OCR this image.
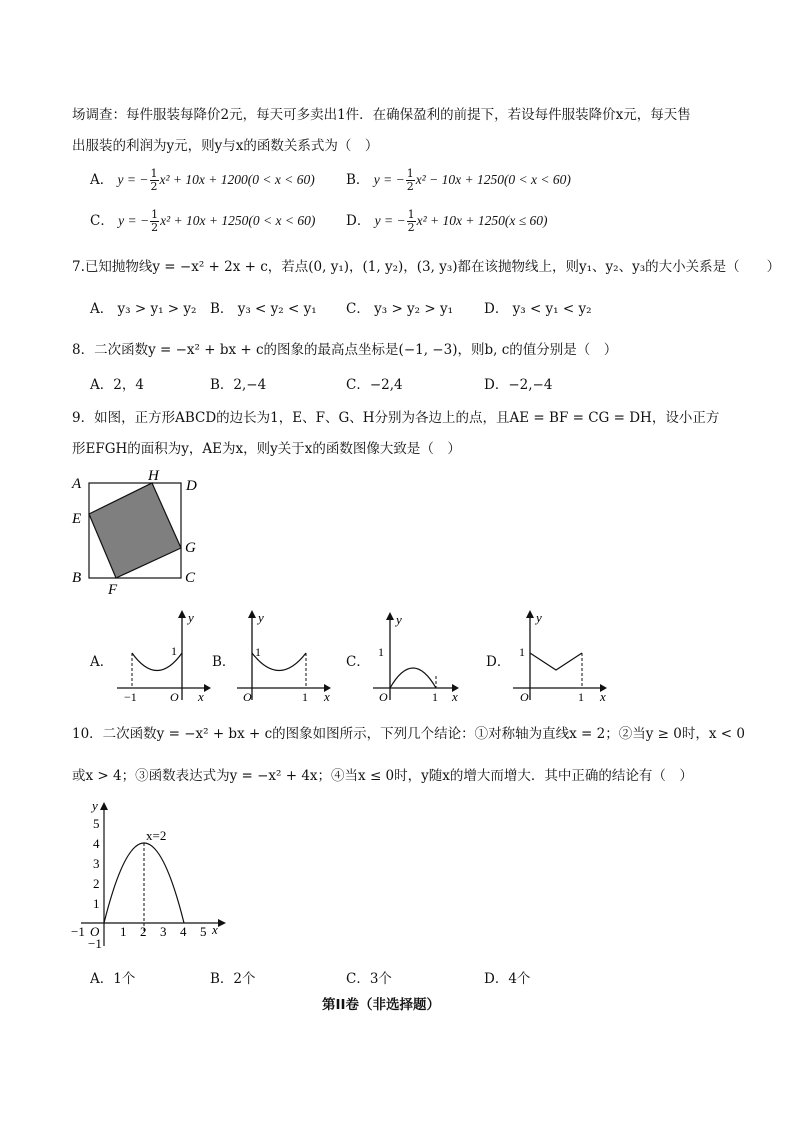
场调查：每件服装每降价2元，每天可多卖出1件．在确保盈利的前提下，若设每件服装降价x元，每天售
出服装的利润为y元，则y与x的函数关系式为（　）
A． y = − $\frac{1}{2} x^2 + 10x + 1200(0 < x < 60)$ B． y = − $\frac{1}{2} x^2 - 10x + 1250(0 < x < 60)$
C． y = − $\frac{1}{2} x^2 + 10x + 1250(0 < x < 60)$ D． y = − $\frac{1}{2} x^2 + 10x + 1250(x \le 60)$
7.已知抛物线y = −x² + 2x + c，若点(0, y₁)，(1, y₂)，(3, y₃)都在该抛物线上，则y₁、y₂、y₃的大小关系是（　　）
A． y₃ > y₁ > y₂ B． y₃ < y₂ < y₁ C． y₃ > y₂ > y₁ D． y₃ < y₁ < y₂
8．二次函数y = −x² + bx + c的图象的最高点坐标是(−1, −3)，则b, c的值分别是（　）
A．2，4	B．2,−4	C．−2,4	D．−2,−4
9．如图，正方形ABCD的边长为1，E、F、G、H分别为各边上的点，且AE = BF = CG = DH，设小正方
形EFGH的面积为y，AE为x，则y关于x的函数图像大致是（　）
A	H
D
E
G
B	C
F
A．
y
1
−1	O x
B．
y
1
O	1 x
C．
y
1
O	1 x
D．
y
1
O	1 x
10．二次函数y = −x² + bx + c的图象如图所示，下列几个结论：①对称轴为直线x = 2；②当y ≥ 0时，x < 0
或x > 4；③函数表达式为y = −x² + 4x；④当x ≤ 0时，y随x的增大而增大．其中正确的结论有（　）
y
x=2
5
4
3
2
1
−1
−1 O 1 2 3 4 5 x
A．1个	B．2个	C．3个	D．4个
第II卷（非选择题）
